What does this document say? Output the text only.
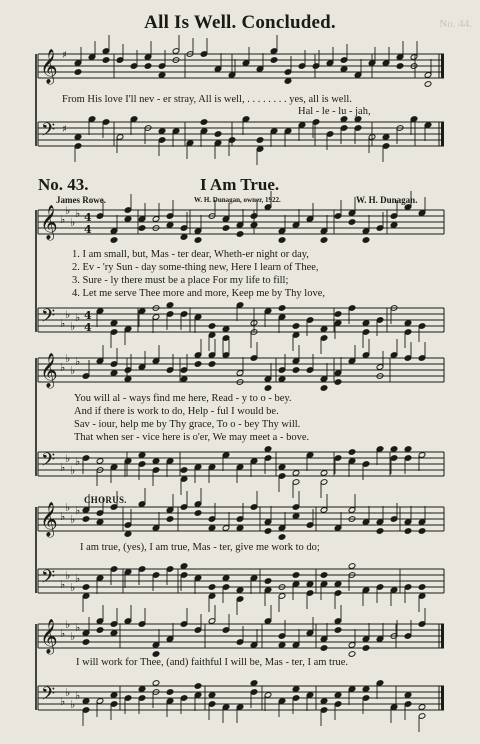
𝄞
𝄢
♯
♯
𝄞
𝄢
♭
♭
♭
♭
♭
♭
♭
♭
4
4
4
4
𝄞
𝄢
♭
♭
♭
♭
♭
♭
♭
♭
𝄞
𝄢
♭
♭
♭
♭
♭
♭
♭
♭
𝄞
𝄢
♭
♭
♭
♭
♭
♭
♭
♭
All Is Well. Concluded.	No. 44.
From His love I'll nev - er stray, All is well, . . . . . . . . yes, all is well.
Hal - le - lu - jah,
No. 43.	I Am True.
James Rowe.	W. H. Dunagan, owner, 1922.	W. H. Dunagan.
1. I am small, but, Mas - ter dear, Wheth-er night or day,
2. Ev - 'ry Sun - day some-thing new, Here I learn of Thee,
3. Sure - ly there must be a place For my life to fill;
4. Let me serve Thee more and more, Keep me by Thy love,
You will al - ways find me here, Read - y to o - bey.
And if there is work to do, Help - ful I would be.
Sav - iour, help me by Thy grace, To o - bey Thy will.
That when ser - vice here is o'er, We may meet a - bove.
CHORUS.
I am true, (yes), I am true, Mas - ter, give me work to do;
I will work for Thee, (and) faithful I will be, Mas - ter, I am true.
